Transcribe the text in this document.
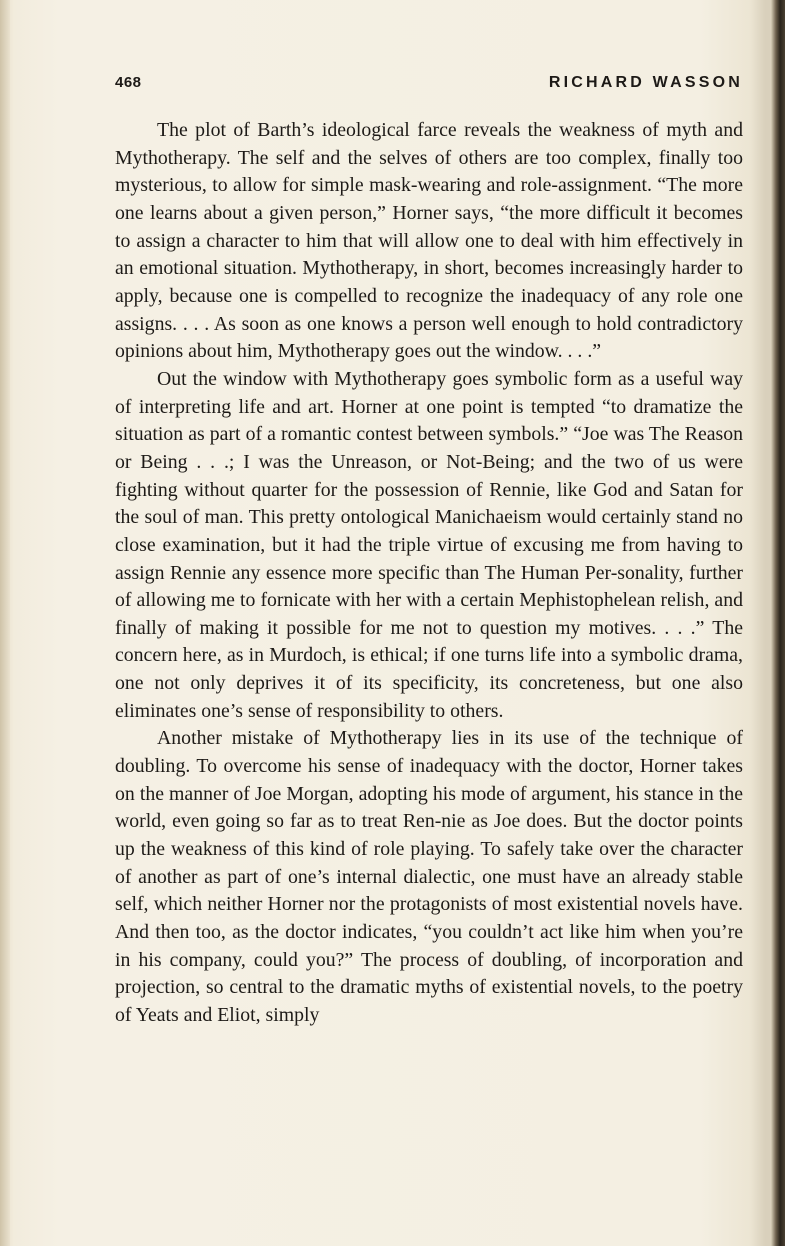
468	RICHARD WASSON

The plot of Barth’s ideological farce reveals the weakness of myth and Mythotherapy. The self and the selves of others are too complex, finally too mysterious, to allow for simple mask-wearing and role-assignment. “The more one learns about a given person,” Horner says, “the more difficult it becomes to assign a character to him that will allow one to deal with him effectively in an emotional situation. Mythotherapy, in short, becomes increasingly harder to apply, because one is compelled to recognize the inadequacy of any role one assigns. . . . As soon as one knows a person well enough to hold contradictory opinions about him, Mythotherapy goes out the window. . . .”

Out the window with Mythotherapy goes symbolic form as a useful way of interpreting life and art. Horner at one point is tempted “to dramatize the situation as part of a romantic contest between symbols.” “Joe was The Reason or Being . . .; I was the Unreason, or Not-Being; and the two of us were fighting without quarter for the possession of Rennie, like God and Satan for the soul of man. This pretty ontological Manichaeism would certainly stand no close examination, but it had the triple virtue of excusing me from having to assign Rennie any essence more specific than The Human Per-sonality, further of allowing me to fornicate with her with a certain Mephistophelean relish, and finally of making it possible for me not to question my motives. . . .” The concern here, as in Murdoch, is ethical; if one turns life into a symbolic drama, one not only deprives it of its specificity, its concreteness, but one also eliminates one’s sense of responsibility to others.

Another mistake of Mythotherapy lies in its use of the technique of doubling. To overcome his sense of inadequacy with the doctor, Horner takes on the manner of Joe Morgan, adopting his mode of argument, his stance in the world, even going so far as to treat Ren-nie as Joe does. But the doctor points up the weakness of this kind of role playing. To safely take over the character of another as part of one’s internal dialectic, one must have an already stable self, which neither Horner nor the protagonists of most existential novels have. And then too, as the doctor indicates, “you couldn’t act like him when you’re in his company, could you?” The process of doubling, of incorporation and projection, so central to the dramatic myths of existential novels, to the poetry of Yeats and Eliot, simply
